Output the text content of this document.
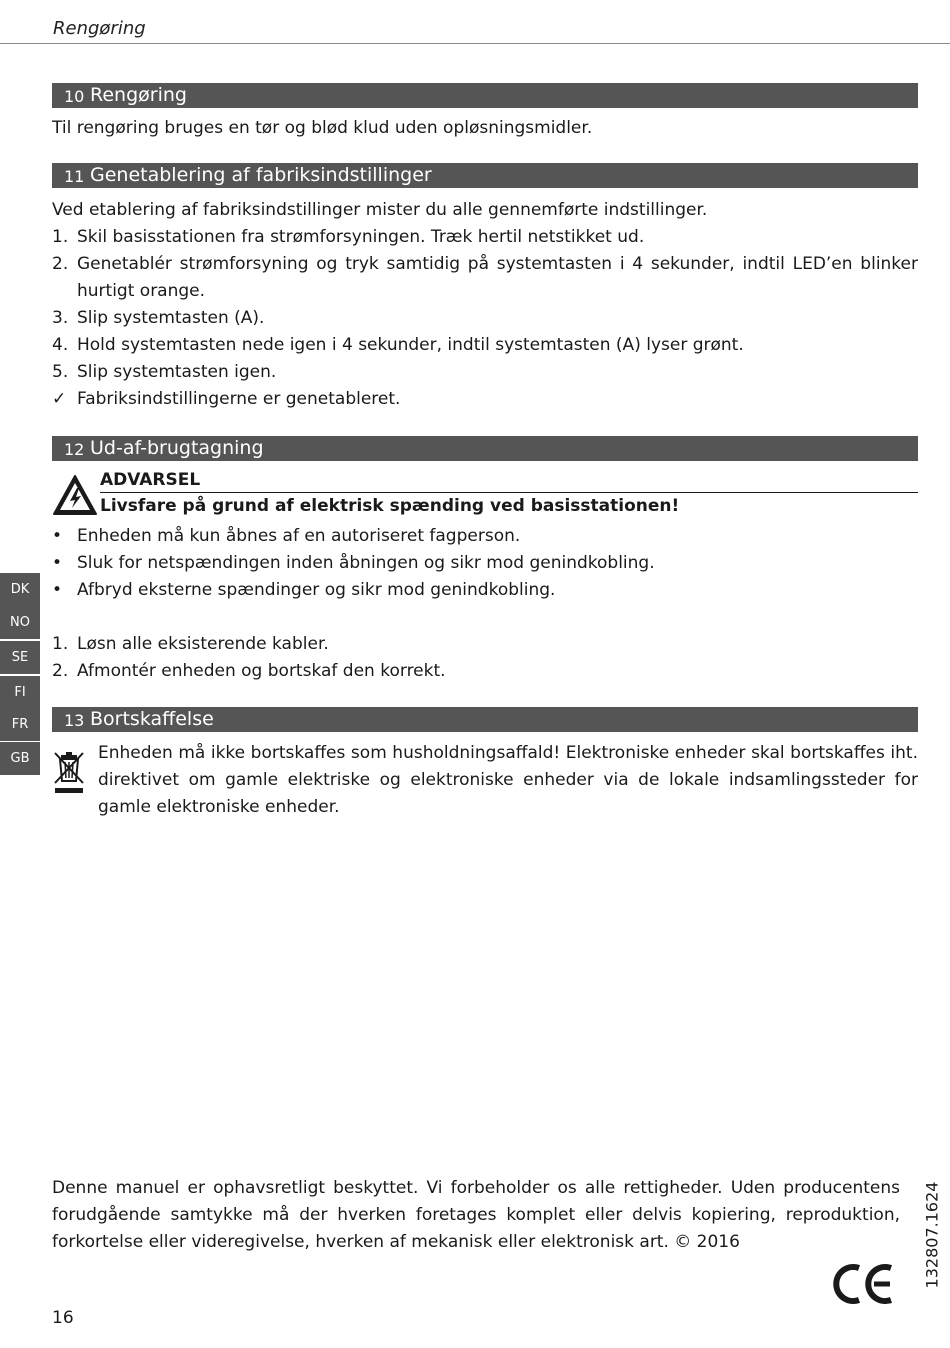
Rengøring
10 Rengøring
Til rengøring bruges en tør og blød klud uden opløsningsmidler.
11 Genetablering af fabriksindstillinger
Ved etablering af fabriksindstillinger mister du alle gennemførte indstillinger.
1. Skil basisstationen fra strømforsyningen. Træk hertil netstikket ud.
2. Genetablér strømforsyning og tryk samtidig på systemtasten i 4 sekunder, indtil LED’en blinker hurtigt orange.
3. Slip systemtasten (A).
4. Hold systemtasten nede igen i 4 sekunder, indtil systemtasten (A) lyser grønt.
5. Slip systemtasten igen.
✓ Fabriksindstillingerne er genetableret.
12 Ud-af-brugtagning
ADVARSEL
Livsfare på grund af elektrisk spænding ved basisstationen!
• Enheden må kun åbnes af en autoriseret fagperson.
• Sluk for netspændingen inden åbningen og sikr mod genindkobling.
• Afbryd eksterne spændinger og sikr mod genindkobling.
1. Løsn alle eksisterende kabler.
2. Afmontér enheden og bortskaf den korrekt.
13 Bortskaffelse
Enheden må ikke bortskaffes som husholdningsaffald! Elektroniske enheder skal bortskaffes iht. direktivet om gamle elektriske og elektroniske enheder via de lokale indsamlingssteder for gamle elektroniske enheder.
DK
NO
SE
FI
FR
GB
Denne manuel er ophavsretligt beskyttet. Vi forbeholder os alle rettigheder. Uden producentens forudgående samtykke må der hverken foretages komplet eller delvis kopiering, reproduktion, forkortelse eller videregivelse, hverken af mekanisk eller elektronisk art. © 2016	132807.1624
16
